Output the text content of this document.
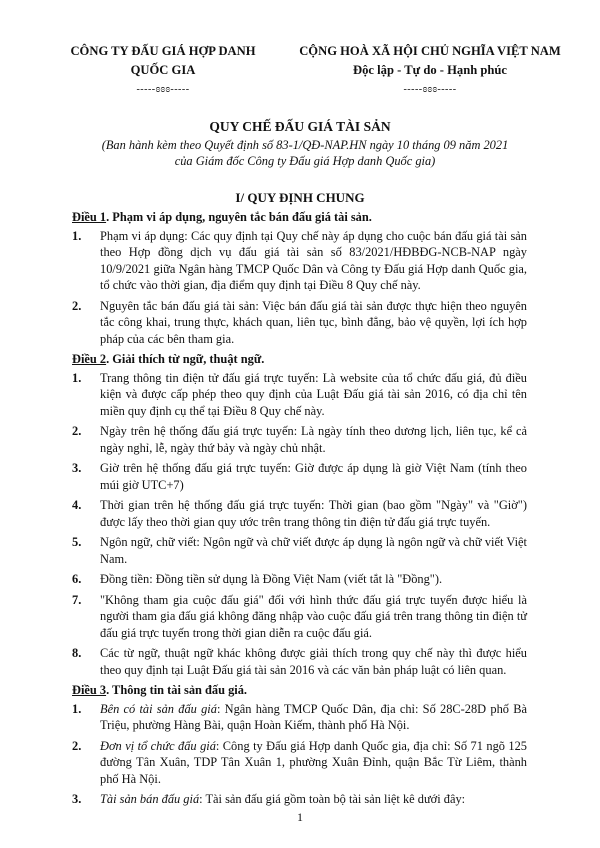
CÔNG TY ĐẤU GIÁ HỢP DANH
QUỐC GIA
-----ɞɞɞ-----
CỘNG HOÀ XÃ HỘI CHỦ NGHĨA VIỆT NAM
Độc lập - Tự do - Hạnh phúc
-----ɞɞɞ-----
QUY CHẾ ĐẤU GIÁ TÀI SẢN
(Ban hành kèm theo Quyết định số 83-1/QĐ-NAP.HN ngày 10 tháng 09 năm 2021
của Giám đốc Công ty Đấu giá Hợp danh Quốc gia)
I/ QUY ĐỊNH CHUNG
Điều 1. Phạm vi áp dụng, nguyên tắc bán đấu giá tài sản.
1.	Phạm vi áp dụng: Các quy định tại Quy chế này áp dụng cho cuộc bán đấu giá tài sản theo Hợp đồng dịch vụ đấu giá tài sản số 83/2021/HĐBĐG-NCB-NAP ngày 10/9/2021 giữa Ngân hàng TMCP Quốc Dân và Công ty Đấu giá Hợp danh Quốc gia, tổ chức vào thời gian, địa điểm quy định tại Điều 8 Quy chế này.
2.	Nguyên tắc bán đấu giá tài sản: Việc bán đấu giá tài sản được thực hiện theo nguyên tắc công khai, trung thực, khách quan, liên tục, bình đẳng, bảo vệ quyền, lợi ích hợp pháp của các bên tham gia.
Điều 2. Giải thích từ ngữ, thuật ngữ.
1.	Trang thông tin điện tử đấu giá trực tuyến: Là website của tổ chức đấu giá, đủ điều kiện và được cấp phép theo quy định của Luật Đấu giá tài sản 2016, có địa chỉ tên miền quy định cụ thể tại Điều 8 Quy chế này.
2.	Ngày trên hệ thống đấu giá trực tuyến: Là ngày tính theo dương lịch, liên tục, kể cả ngày nghỉ, lễ, ngày thứ bảy và ngày chủ nhật.
3.	Giờ trên hệ thống đấu giá trực tuyến: Giờ được áp dụng là giờ Việt Nam (tính theo múi giờ UTC+7)
4.	Thời gian trên hệ thống đấu giá trực tuyến: Thời gian (bao gồm "Ngày" và "Giờ") được lấy theo thời gian quy ước trên trang thông tin điện tử đấu giá trực tuyến.
5.	Ngôn ngữ, chữ viết: Ngôn ngữ và chữ viết được áp dụng là ngôn ngữ và chữ viết Việt Nam.
6.	Đồng tiền: Đồng tiền sử dụng là Đồng Việt Nam (viết tắt là "Đồng").
7.	"Không tham gia cuộc đấu giá" đối với hình thức đấu giá trực tuyến được hiểu là người tham gia đấu giá không đăng nhập vào cuộc đấu giá trên trang thông tin điện tử đấu giá trực tuyến trong thời gian diễn ra cuộc đấu giá.
8.	Các từ ngữ, thuật ngữ khác không được giải thích trong quy chế này thì được hiểu theo quy định tại Luật Đấu giá tài sản 2016 và các văn bản pháp luật có liên quan.
Điều 3. Thông tin tài sản đấu giá.
1.	Bên có tài sản đấu giá: Ngân hàng TMCP Quốc Dân, địa chỉ: Số 28C-28D phố Bà Triệu, phường Hàng Bài, quận Hoàn Kiếm, thành phố Hà Nội.
2.	Đơn vị tổ chức đấu giá: Công ty Đấu giá Hợp danh Quốc gia, địa chỉ: Số 71 ngõ 125 đường Tân Xuân, TDP Tân Xuân 1, phường Xuân Đỉnh, quận Bắc Từ Liêm, thành phố Hà Nội.
3.	Tài sản bán đấu giá: Tài sản đấu giá gồm toàn bộ tài sản liệt kê dưới đây:
1
